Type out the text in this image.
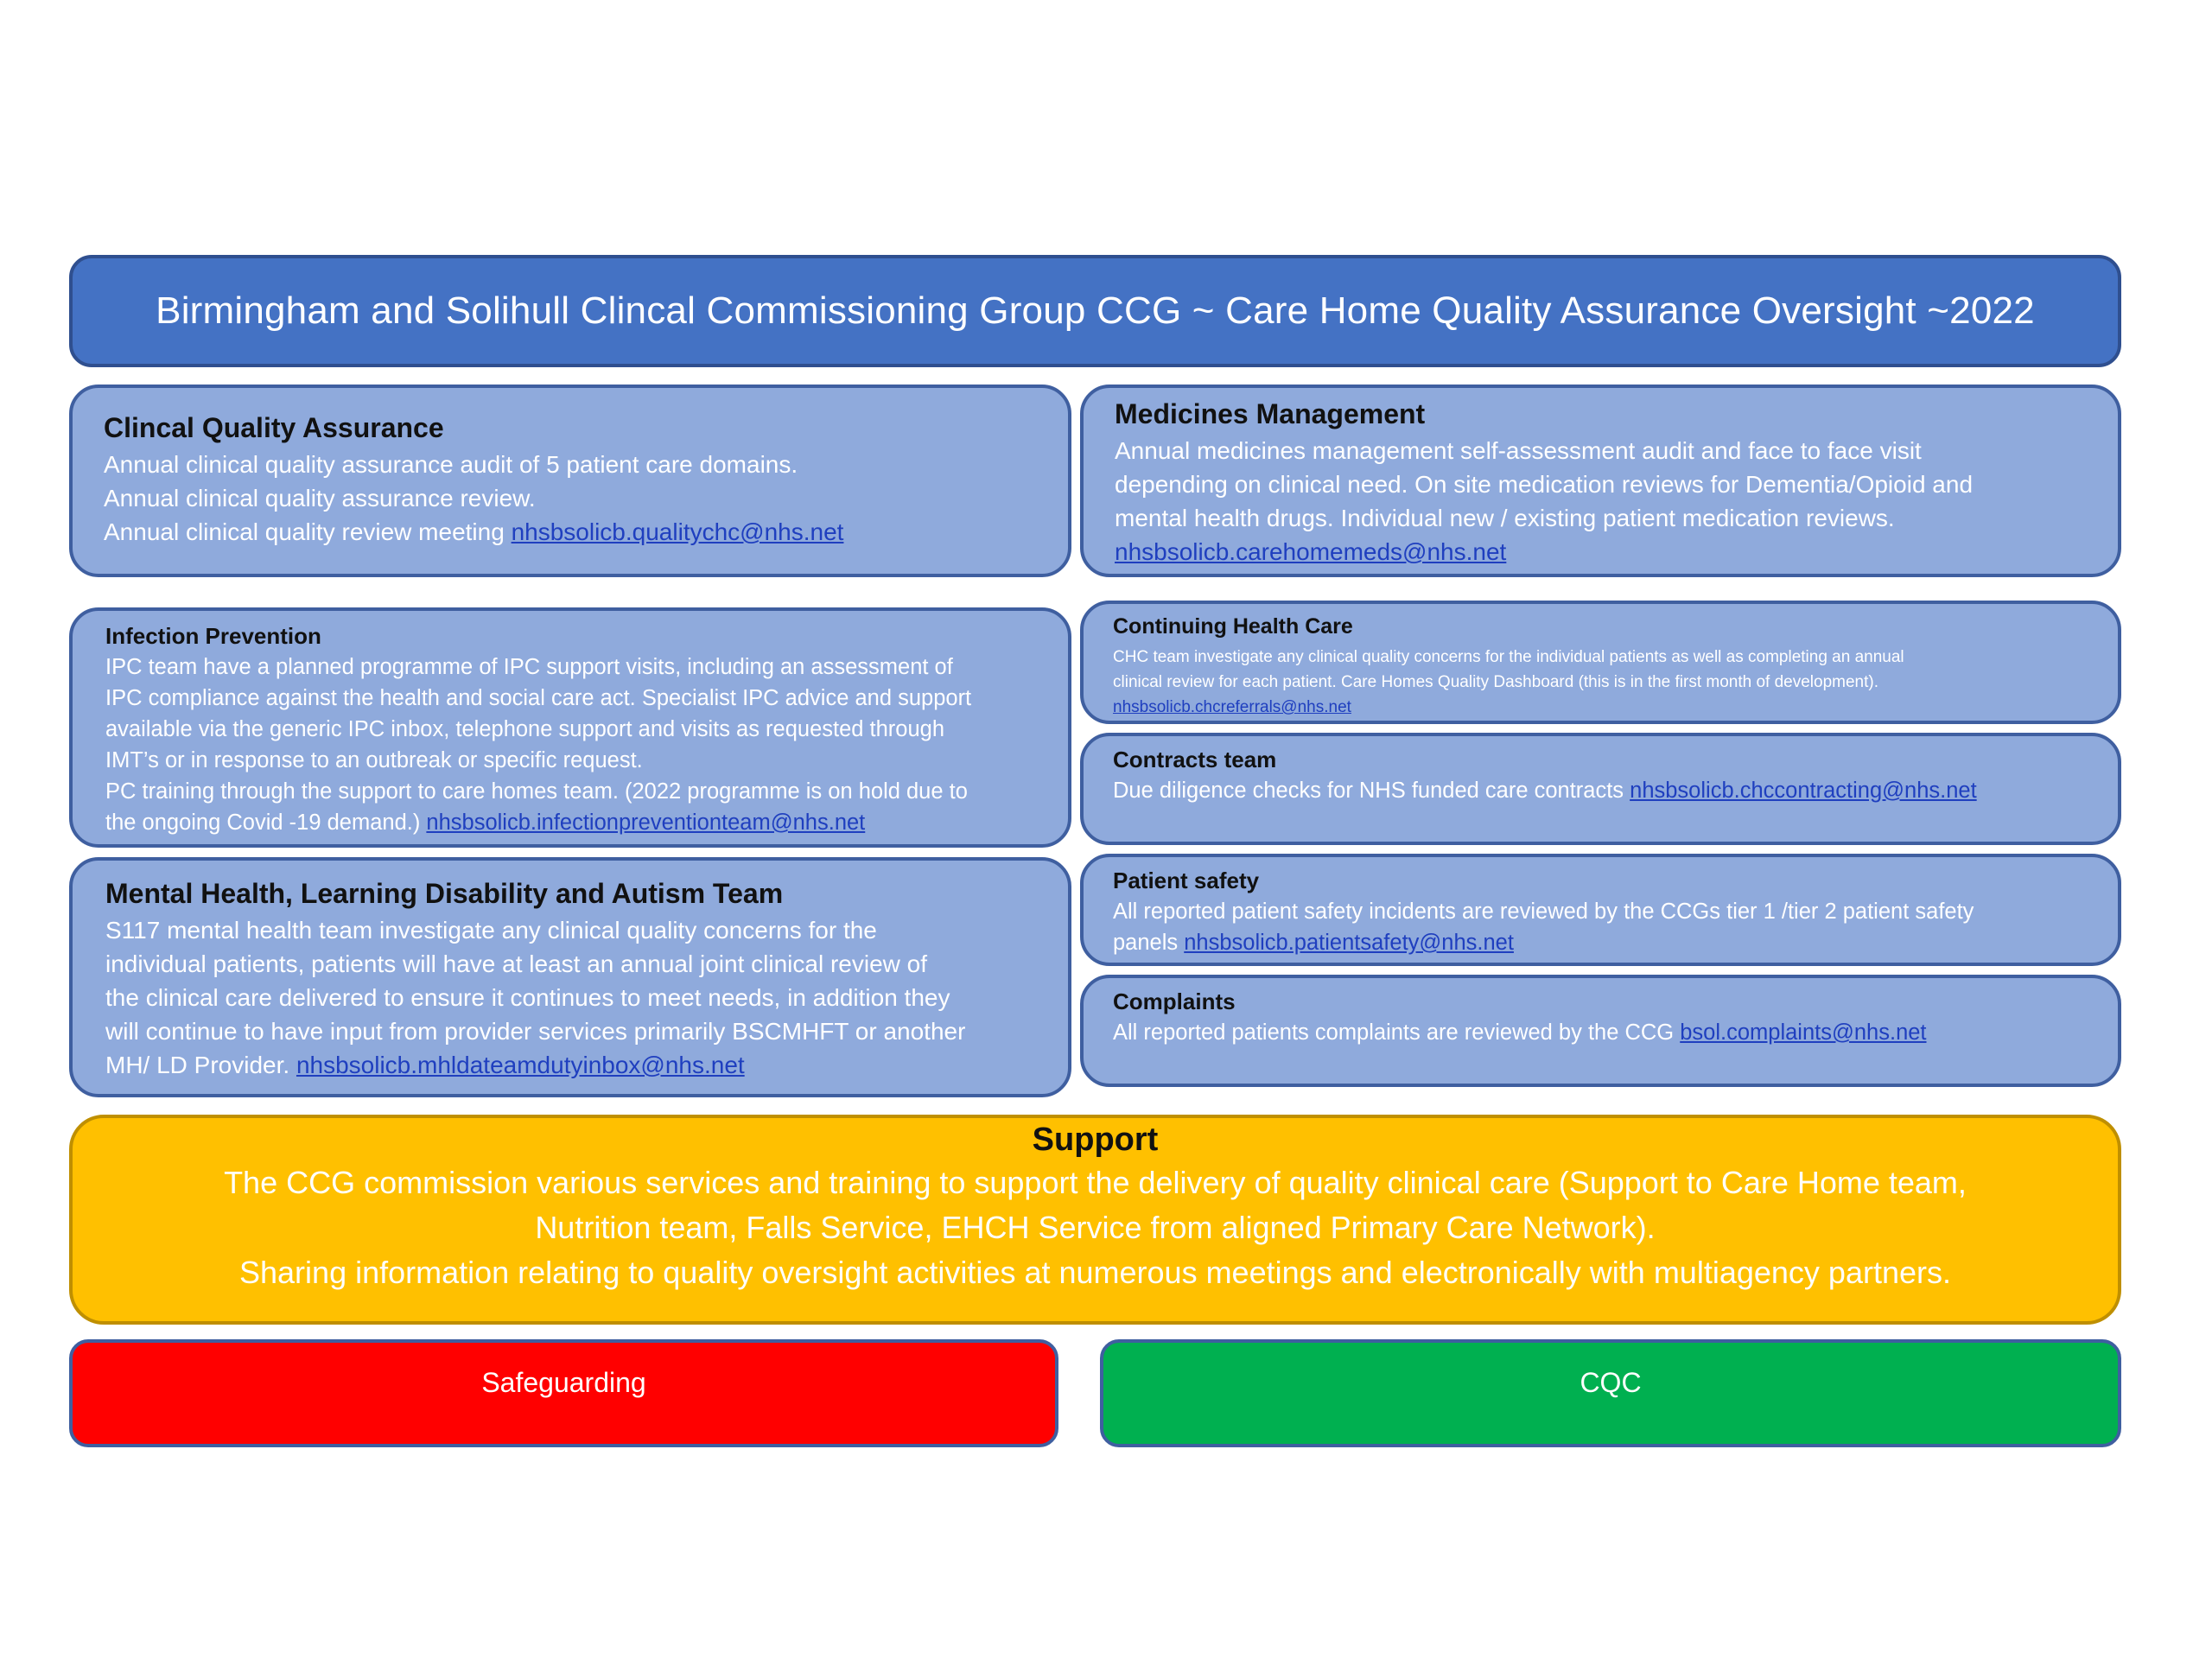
Birmingham and Solihull Clincal Commissioning Group CCG ~ Care Home Quality Assurance Oversight ~2022
Clincal Quality Assurance
Annual clinical quality assurance audit of 5 patient care domains.
Annual clinical quality assurance review.
Annual clinical quality review meeting nhsbsolicb.qualitychc@nhs.net
Medicines Management
Annual medicines management self-assessment audit and face to face visit
depending on clinical need. On site medication reviews for Dementia/Opioid and
mental health drugs. Individual new / existing patient medication reviews.
nhsbsolicb.carehomemeds@nhs.net
Infection Prevention
IPC team have a planned programme of IPC support visits, including an assessment of
IPC compliance against the health and social care act. Specialist IPC advice and support
available via the generic IPC inbox, telephone support and visits as requested through
IMT’s or in response to an outbreak or specific request.
PC training through the support to care homes team. (2022 programme is on hold due to
the ongoing Covid -19 demand.) nhsbsolicb.infectionpreventionteam@nhs.net
Continuing Health Care
CHC team investigate any clinical quality concerns for the individual patients as well as completing an annual
clinical review for each patient. Care Homes Quality Dashboard (this is in the first month of development).
nhsbsolicb.chcreferrals@nhs.net
Contracts team
Due diligence checks for NHS funded care contracts nhsbsolicb.chccontracting@nhs.net
Mental Health, Learning Disability and Autism Team
S117 mental health team investigate any clinical quality concerns for the
individual patients, patients will have at least an annual joint clinical review of
the clinical care delivered to ensure it continues to meet needs, in addition they
will continue to have input from provider services primarily BSCMHFT or another
MH/ LD Provider. nhsbsolicb.mhldateamdutyinbox@nhs.net
Patient safety
All reported patient safety incidents are reviewed by the CCGs tier 1 /tier 2 patient safety
panels nhsbsolicb.patientsafety@nhs.net
Complaints
All reported patients complaints are reviewed by the CCG bsol.complaints@nhs.net
Support
The CCG commission various services and training to support the delivery of quality clinical care (Support to Care Home team,
Nutrition team, Falls Service, EHCH Service from aligned Primary Care Network).
Sharing information relating to quality oversight activities at numerous meetings and electronically with multiagency partners.
Safeguarding	CQC
